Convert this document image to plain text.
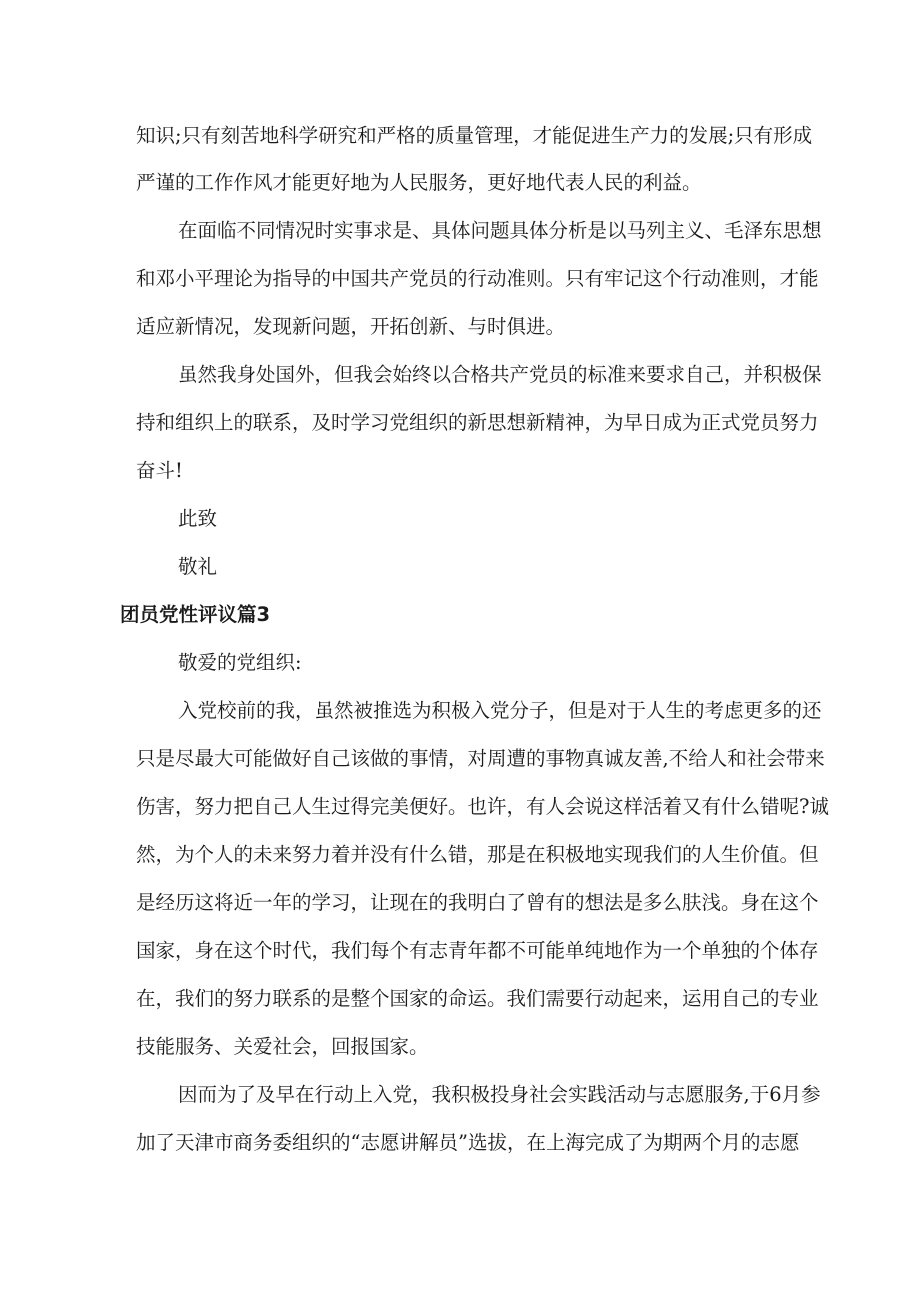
知识;只有刻苦地科学研究和严格的质量管理，才能促进生产力的发展;只有形成
严谨的工作作风才能更好地为人民服务，更好地代表人民的利益。
在面临不同情况时实事求是、具体问题具体分析是以马列主义、毛泽东思想
和邓小平理论为指导的中国共产党员的行动准则。只有牢记这个行动准则，才能
适应新情况，发现新问题，开拓创新、与时俱进。
虽然我身处国外，但我会始终以合格共产党员的标准来要求自己，并积极保
持和组织上的联系，及时学习党组织的新思想新精神，为早日成为正式党员努力
奋斗!
此致
敬礼
团员党性评议篇3
敬爱的党组织:
入党校前的我，虽然被推选为积极入党分子，但是对于人生的考虑更多的还
只是尽最大可能做好自己该做的事情，对周遭的事物真诚友善,不给人和社会带来
伤害，努力把自己人生过得完美便好。也许，有人会说这样活着又有什么错呢?诚
然，为个人的未来努力着并没有什么错，那是在积极地实现我们的人生价值。但
是经历这将近一年的学习，让现在的我明白了曾有的想法是多么肤浅。身在这个
国家，身在这个时代，我们每个有志青年都不可能单纯地作为一个单独的个体存
在，我们的努力联系的是整个国家的命运。我们需要行动起来，运用自己的专业
技能服务、关爱社会，回报国家。
因而为了及早在行动上入党，我积极投身社会实践活动与志愿服务,于6月参
加了天津市商务委组织的“志愿讲解员”选拔，在上海完成了为期两个月的志愿
